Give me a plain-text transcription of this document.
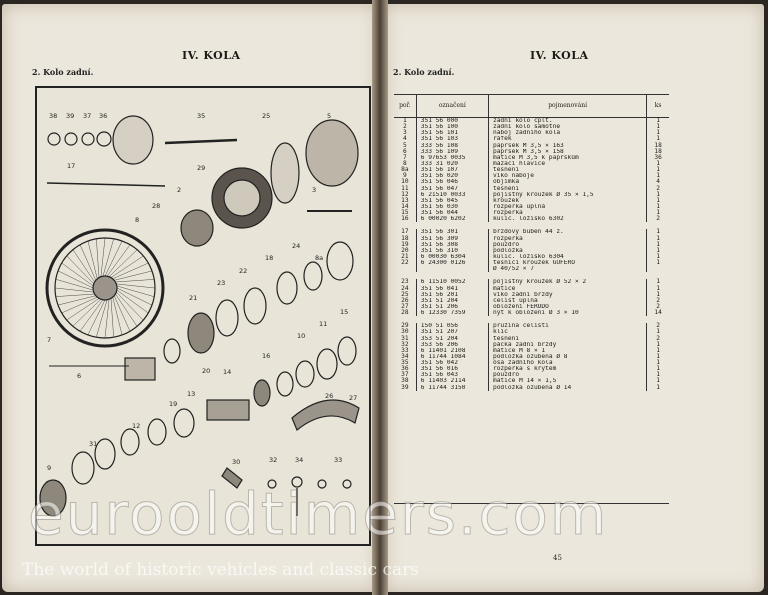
IV. KOLA
2. Kolo zadní.
38 39 37 36	35	25	5
17	29
3
2
8
28
26
24
8a
22
18
21
7	10
23
11
15
14
16
20
6
19
13
9
12
31
30	32	34	33
27
IV. KOLA
2. Kolo zadní.
poř.	označení	pojmenování	ks
1	351 56 000	zadní kolo cplt.	1
2	351 56 100	zadní kolo samotné	1
3	351 56 101	náboj zadního kola	1
4	351 56 103	ráfek	1
5	333 56 108	paprsek M 3,5 × 163	18
6	333 56 109	paprsek M 3,5 × 158	18
7	6 97653 0035	matice M 3,5 k paprskům	36
8	333 31 020	mazací hlavice	1
8a	351 56 107	těsnění	1
9	351 56 020	víko náboje	1
10	351 56 046	objímka	4
11	351 56 047	těsnění	2
12	6 21510 0033	pojistný kroužek Ø 35 × 1,5	1
13	351 56 045	kroužek	1
14	351 56 030	rozpěrka úplná	1
15	351 56 044	rozpěrka	1
16	6 00020 6202	kulič. ložisko 6302	2
17	351 56 301	brzdový buben 44 z.	1
18	351 56 309	rozpěrka	1
19	351 56 308	pouzdro	1
20	351 56 310	podložka	1
21	6 00030 6304	kulič. ložisko 6304	1
22	6 24300 0126	těsnicí kroužek GUFERO	1
Ø 40/52 × 7
23	6 11510 0052	pojistný kroužek Ø 52 × 2	1
24	351 56 041	matice	1
25	351 56 201	víko zadní brzdy	1
26	351 51 204	čelist úplná	2
27	351 51 206	obložení FERODO	2
28	6 12330 7359	nýt k obložení Ø 3 × 10	14
29	150 51 056	pružina čelisti	2
30	351 51 207	klíč	1
31	353 51 204	těsnění	2
32	353 56 206	páčka zadní brzdy	1
33	6 11401 2108	matice M 8 × 1	1
34	6 11744 1084	podložka ozubená Ø 8	1
35	351 56 042	osa zadního kola	1
36	351 56 016	rozpěrka s krytem	1
37	351 56 043	pouzdro	1
38	6 11403 2114	matice M 14 × 1,5	1
39	6 11744 3150	podložka ozubená Ø 14	1
45
eurooldtimers.com
The world of historic vehicles and classic cars
